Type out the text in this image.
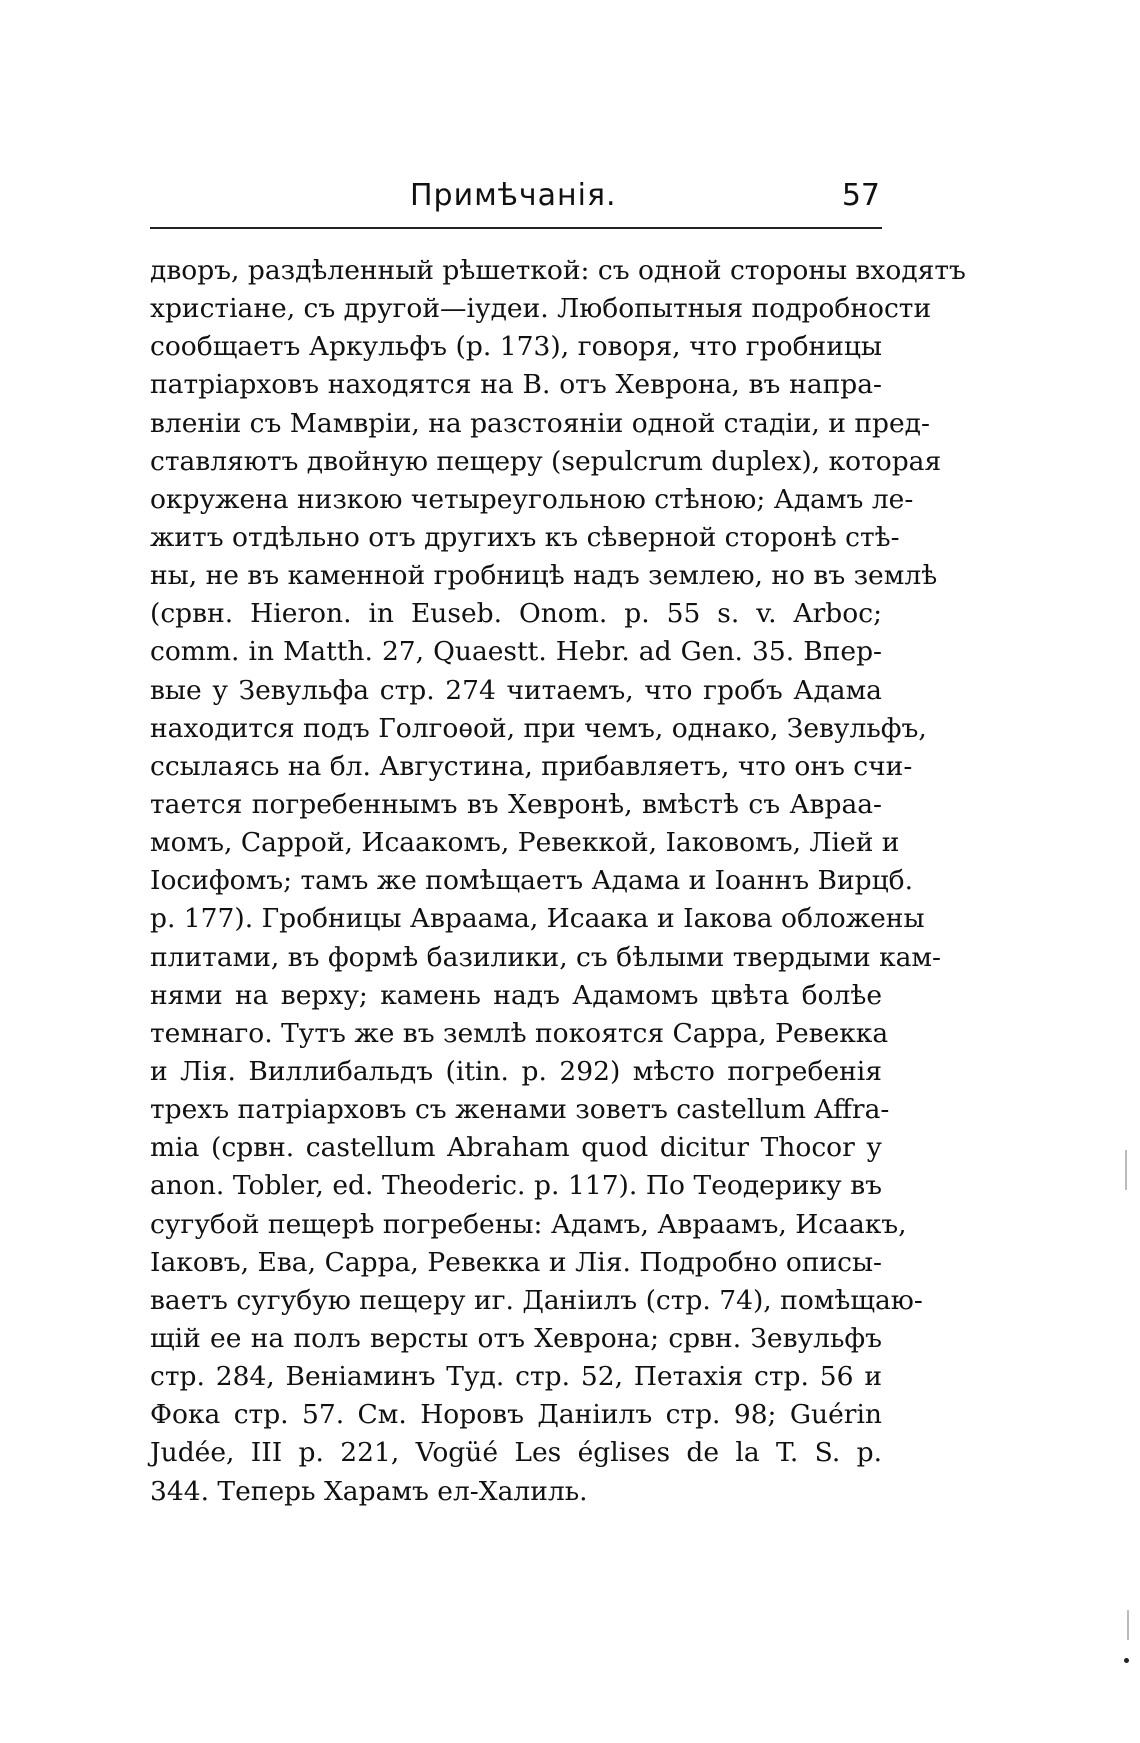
Примѣчанія.	57
дворъ, раздѣленный рѣшеткой: съ одной стороны входятъ
христіане, съ другой—іудеи. Любопытныя подробности
сообщаетъ Аркульфъ (р. 173), говоря, что гробницы
патріарховъ находятся на В. отъ Хеврона, въ напра-
вленіи съ Мамвріи, на разстояніи одной стадіи, и пред-
ставляютъ двойную пещеру (sepulcrum duplex), которая
окружена низкою четыреугольною стѣною; Адамъ ле-
житъ отдѣльно отъ другихъ къ сѣверной сторонѣ стѣ-
ны, не въ каменной гробницѣ надъ землею, но въ землѣ
(срвн. Hieron. in Euseb. Onom. p. 55 s. v. Arboc;
comm. in Matth. 27, Quaestt. Hebr. ad Gen. 35. Впер-
вые у Зевульфа стр. 274 читаемъ, что гробъ Адама
находится подъ Голгоѳой, при чемъ, однако, Зевульфъ,
ссылаясь на бл. Августина, прибавляетъ, что онъ счи-
тается погребеннымъ въ Хевронѣ, вмѣстѣ съ Авраа-
момъ, Саррой, Исаакомъ, Ревеккой, Іаковомъ, Ліей и
Іосифомъ; тамъ же помѣщаетъ Адама и Іоаннъ Вирцб.
р. 177). Гробницы Авраама, Исаака и Іакова обложены
плитами, въ формѣ базилики, съ бѣлыми твердыми кам-
нями на верху; камень надъ Адамомъ цвѣта болѣе
темнаго. Тутъ же въ землѣ покоятся Сарра, Ревекка
и Лія. Виллибальдъ (itin. p. 292) мѣсто погребенія
трехъ патріарховъ съ женами зоветъ castellum Affra-
mia (срвн. castellum Abraham quod dicitur Thocor у
anon. Tobler, ed. Theoderic. p. 117). По Теодерику въ
сугубой пещерѣ погребены: Адамъ, Авраамъ, Исаакъ,
Іаковъ, Ева, Сарра, Ревекка и Лія. Подробно описы-
ваетъ сугубую пещеру иг. Даніилъ (стр. 74), помѣщаю-
щій ее на полъ версты отъ Хеврона; срвн. Зевульфъ
стр. 284, Веніаминъ Туд. стр. 52, Петахія стр. 56 и
Фока стр. 57. См. Норовъ Даніилъ стр. 98; Guérin
Judée, III p. 221, Vogüé Les églises de la T. S. p.
344. Теперь Харамъ ел-Халиль.
